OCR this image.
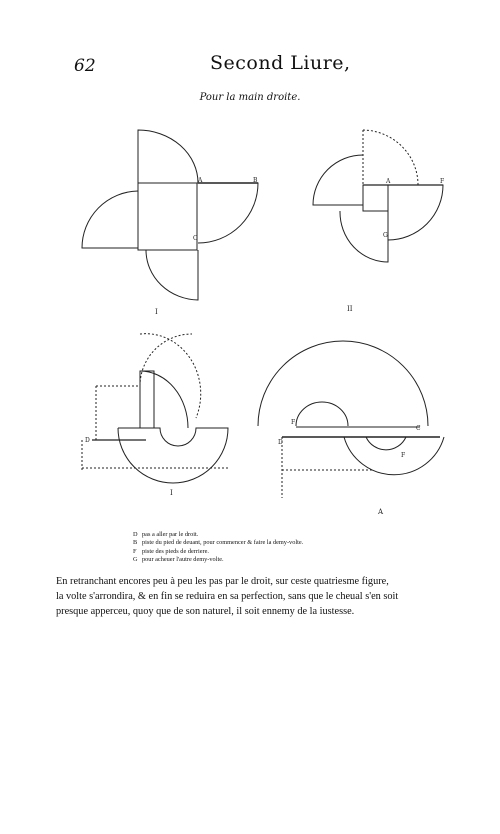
62	Second Liure,
Pour la main droite.
A	B
C
I
A	F
G
II
D
I
D
F
F
C
A
D pas a aller par le droit.
B piste du pied de deuant, pour commencer & faire la demy-volte.
F piste des pieds de derriere.
G pour acheuer l'autre demy-volte.
En retranchant encores peu à peu les pas par le droit, sur ceste quatriesme figure,
la volte s'arrondira, & en fin se reduira en sa perfection, sans que le cheual s'en soit
presque apperceu, quoy que de son naturel, il soit ennemy de la iustesse.
